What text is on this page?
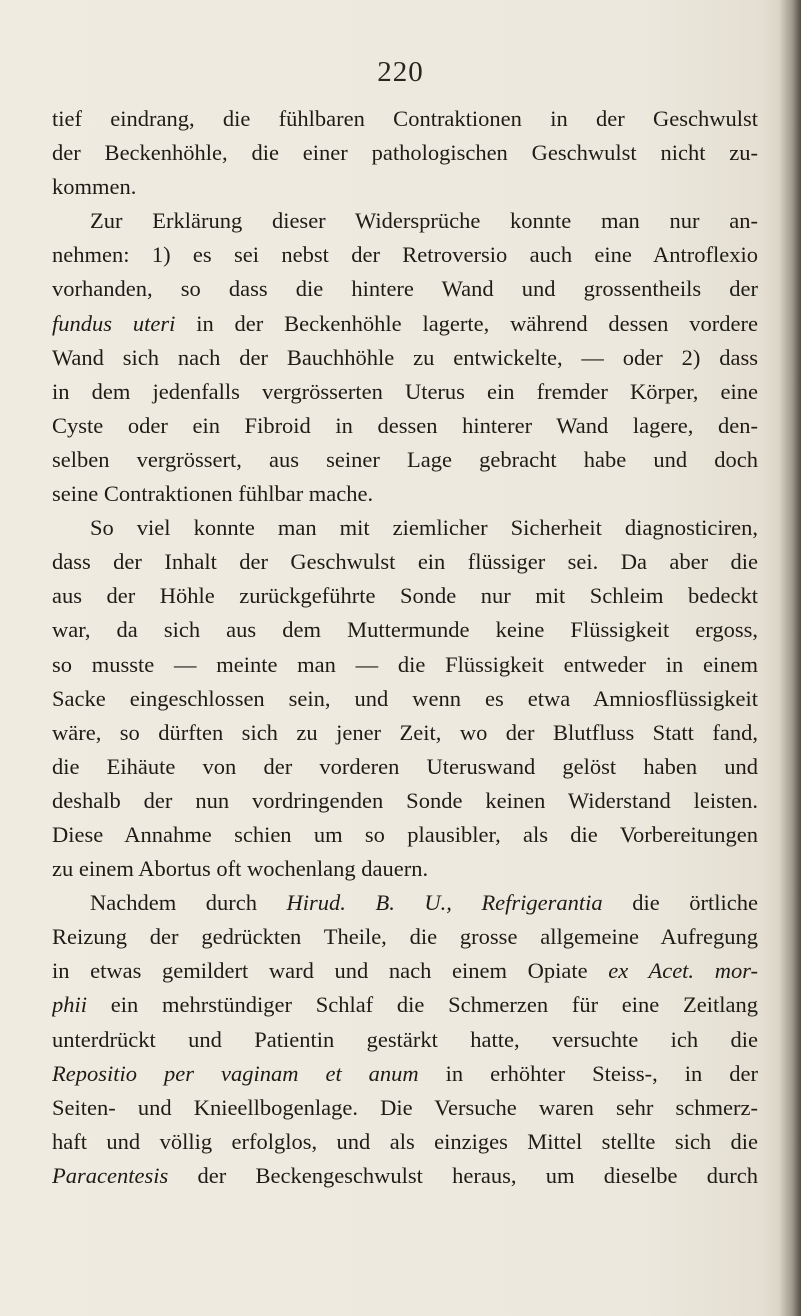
220
tief eindrang, die fühlbaren Contraktionen in der Geschwulst
der Beckenhöhle, die einer pathologischen Geschwulst nicht zu-
kommen.
Zur Erklärung dieser Widersprüche konnte man nur an-
nehmen: 1) es sei nebst der Retroversio auch eine Antroflexio
vorhanden, so dass die hintere Wand und grossentheils der
fundus uteri in der Beckenhöhle lagerte, während dessen vordere
Wand sich nach der Bauchhöhle zu entwickelte, — oder 2) dass
in dem jedenfalls vergrösserten Uterus ein fremder Körper, eine
Cyste oder ein Fibroid in dessen hinterer Wand lagere, den-
selben vergrössert, aus seiner Lage gebracht habe und doch
seine Contraktionen fühlbar mache.
So viel konnte man mit ziemlicher Sicherheit diagnosticiren,
dass der Inhalt der Geschwulst ein flüssiger sei. Da aber die
aus der Höhle zurückgeführte Sonde nur mit Schleim bedeckt
war, da sich aus dem Muttermunde keine Flüssigkeit ergoss,
so musste — meinte man — die Flüssigkeit entweder in einem
Sacke eingeschlossen sein, und wenn es etwa Amniosflüssigkeit
wäre, so dürften sich zu jener Zeit, wo der Blutfluss Statt fand,
die Eihäute von der vorderen Uteruswand gelöst haben und
deshalb der nun vordringenden Sonde keinen Widerstand leisten.
Diese Annahme schien um so plausibler, als die Vorbereitungen
zu einem Abortus oft wochenlang dauern.
Nachdem durch Hirud. B. U., Refrigerantia die örtliche
Reizung der gedrückten Theile, die grosse allgemeine Aufregung
in etwas gemildert ward und nach einem Opiate ex Acet. mor-
phii ein mehrstündiger Schlaf die Schmerzen für eine Zeitlang
unterdrückt und Patientin gestärkt hatte, versuchte ich die
Repositio per vaginam et anum in erhöhter Steiss-, in der
Seiten- und Knieellbogenlage. Die Versuche waren sehr schmerz-
haft und völlig erfolglos, und als einziges Mittel stellte sich die
Paracentesis der Beckengeschwulst heraus, um dieselbe durch
